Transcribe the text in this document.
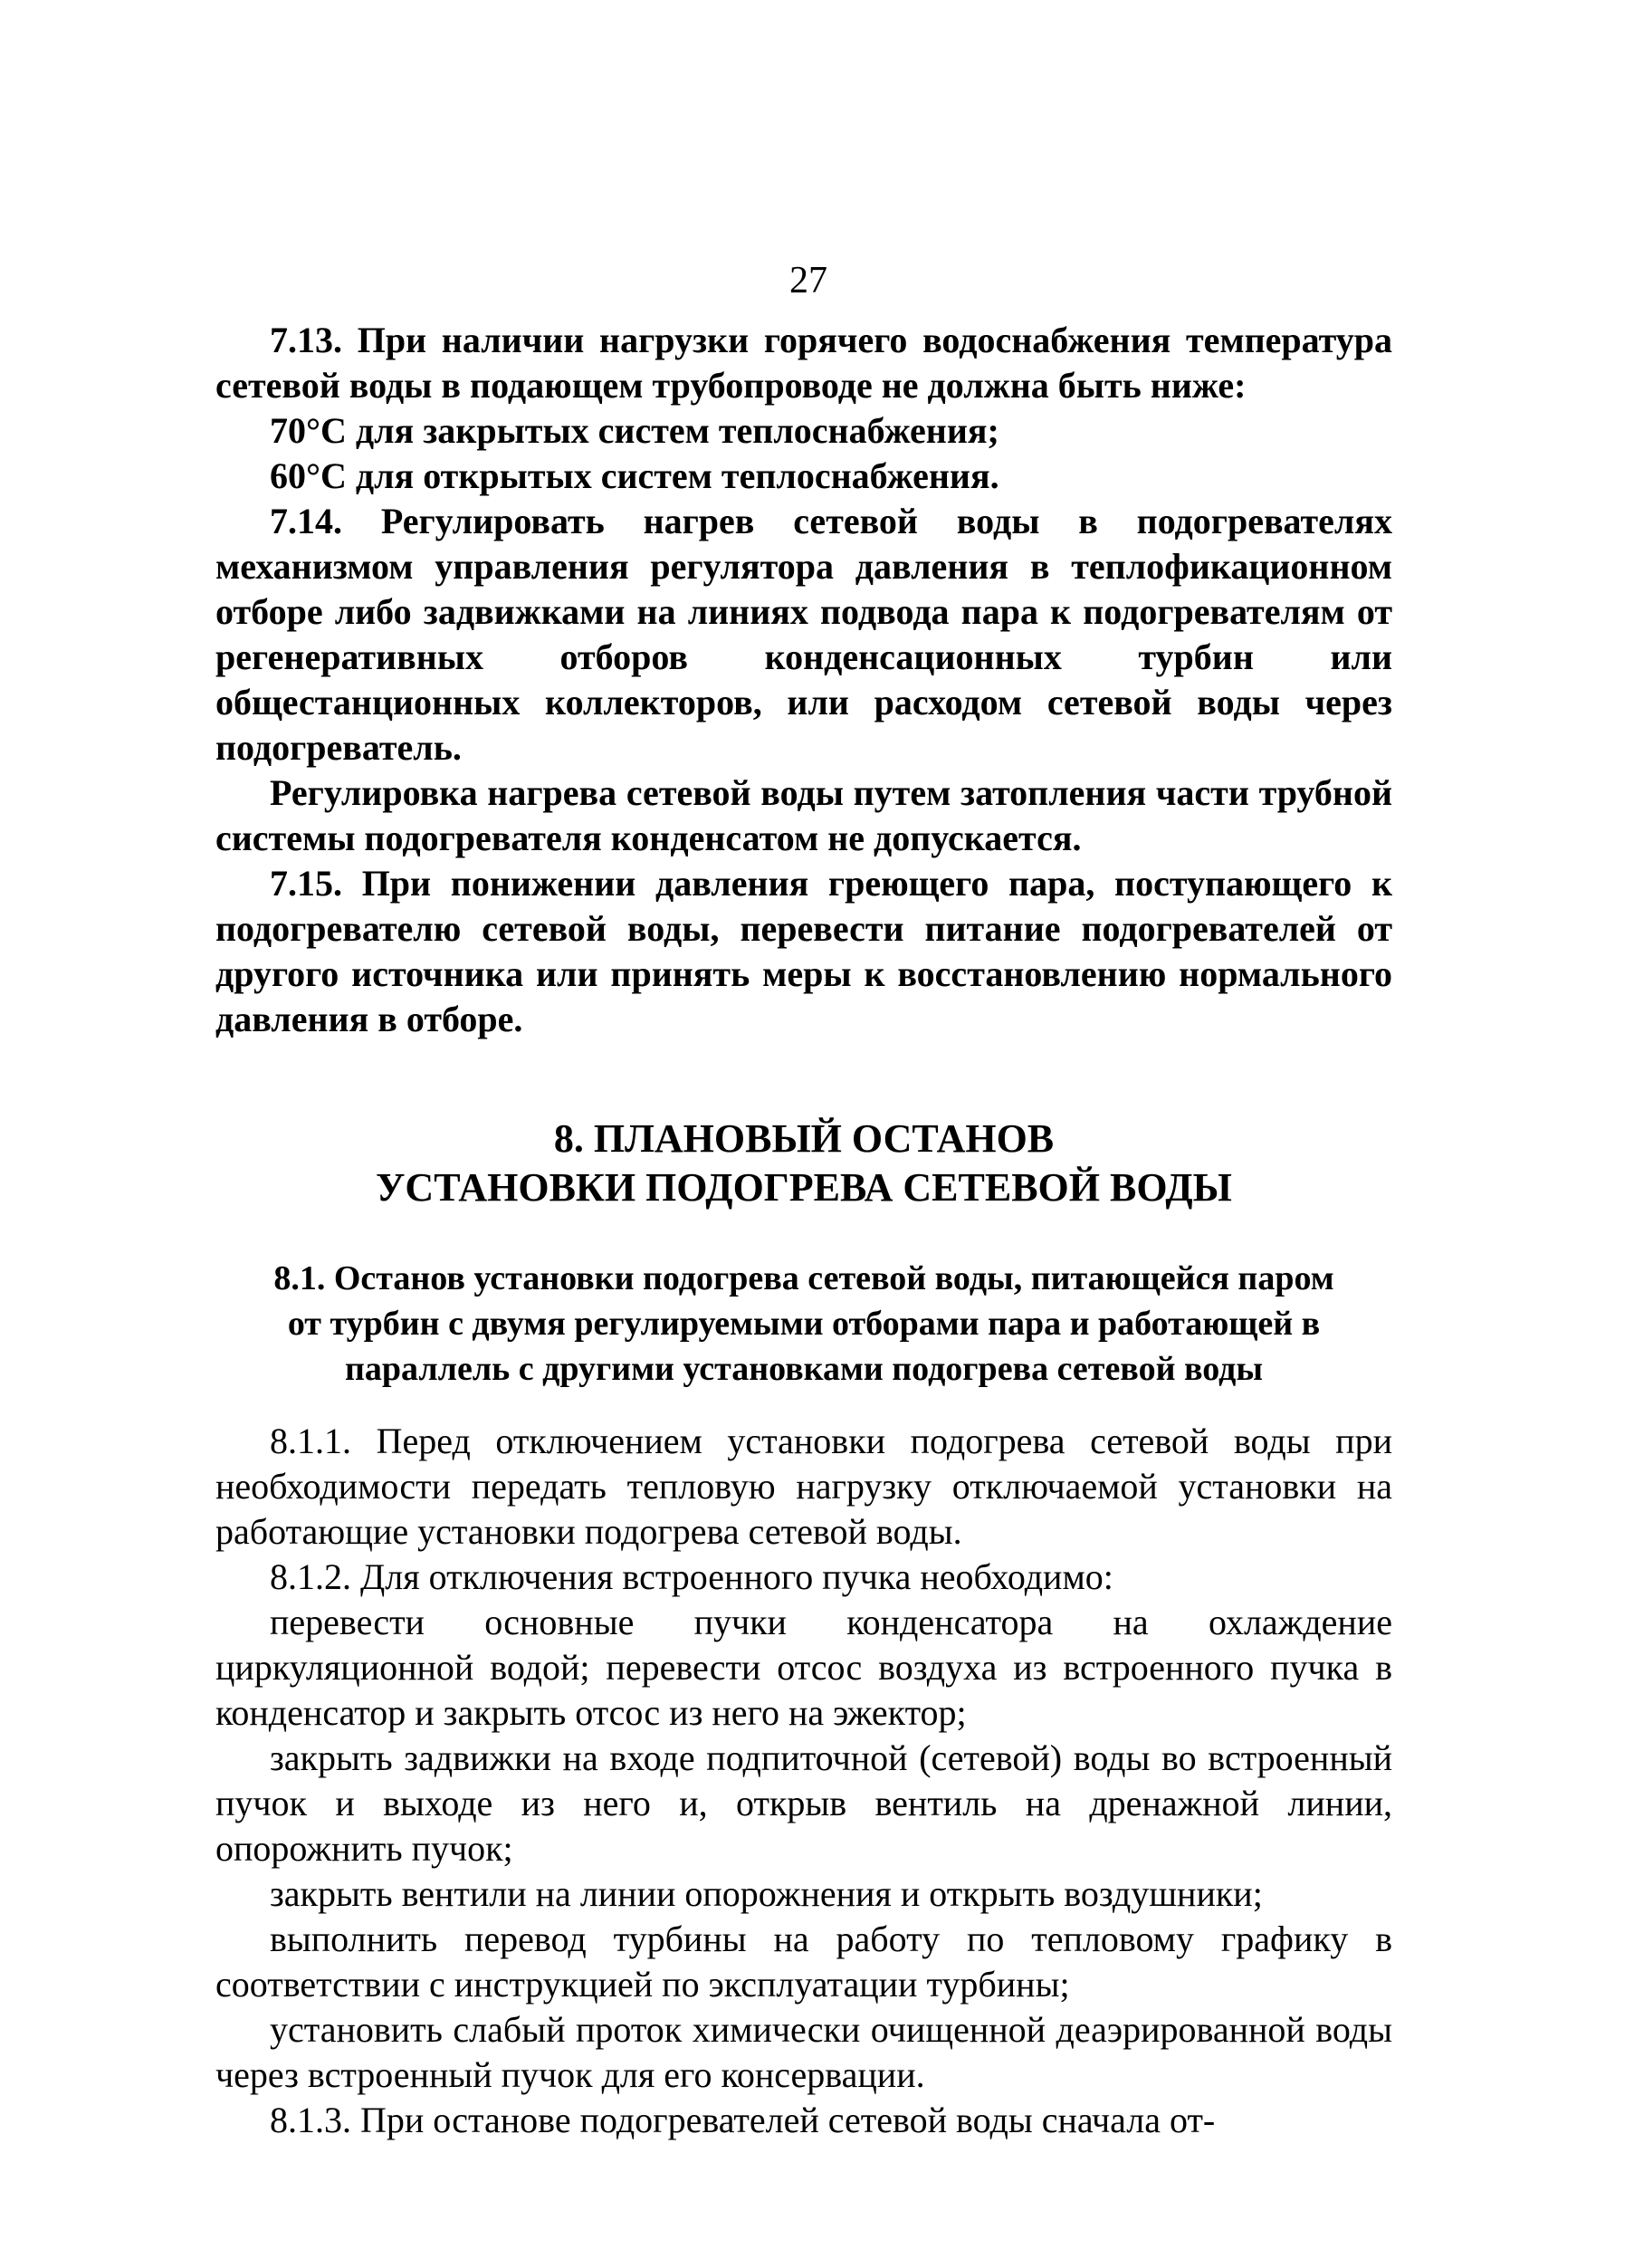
27

7.13. При наличии нагрузки горячего водоснабжения температура сетевой воды в подающем трубопроводе не должна быть ниже:

70°С для закрытых систем теплоснабжения;

60°С для открытых систем теплоснабжения.

7.14. Регулировать нагрев сетевой воды в подогревателях механизмом управления регулятора давления в теплофикационном отборе либо задвижками на линиях подвода пара к подогревателям от регенеративных отборов конденсационных турбин или общестанционных коллекторов, или расходом сетевой воды через подогреватель.

Регулировка нагрева сетевой воды путем затопления части трубной системы подогревателя конденсатом не допускается.

7.15. При понижении давления греющего пара, поступающего к подогревателю сетевой воды, перевести питание подогревателей от другого источника или принять меры к восстановлению нормального давления в отборе.

8. ПЛАНОВЫЙ ОСТАНОВ
УСТАНОВКИ ПОДОГРЕВА СЕТЕВОЙ ВОДЫ
8.1. Останов установки подогрева сетевой воды, питающейся паром от турбин с двумя регулируемыми отборами пара и работающей в параллель с другими установками подогрева сетевой воды

8.1.1. Перед отключением установки подогрева сетевой воды при необходимости передать тепловую нагрузку отключаемой установки на работающие установки подогрева сетевой воды.

8.1.2. Для отключения встроенного пучка необходимо:

перевести основные пучки конденсатора на охлаждение циркуляционной водой; перевести отсос воздуха из встроенного пучка в конденсатор и закрыть отсос из него на эжектор;

закрыть задвижки на входе подпиточной (сетевой) воды во встроенный пучок и выходе из него и, открыв вентиль на дренажной линии, опорожнить пучок;

закрыть вентили на линии опорожнения и открыть воздушники;

выполнить перевод турбины на работу по тепловому графику в соответствии с инструкцией по эксплуатации турбины;

установить слабый проток химически очищенной деаэрированной воды через встроенный пучок для его консервации.

8.1.3. При останове подогревателей сетевой воды сначала от-
